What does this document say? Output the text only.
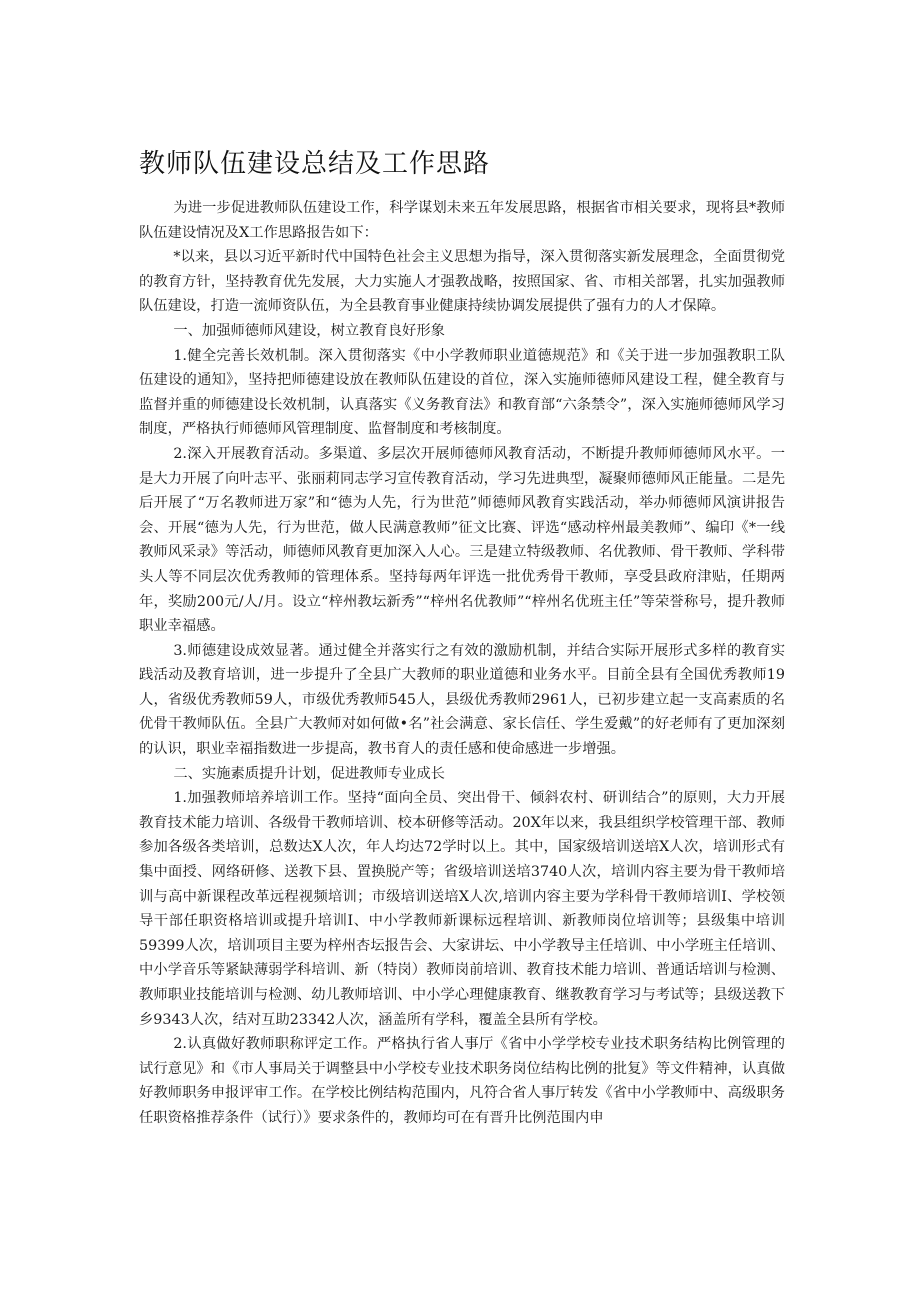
教师队伍建设总结及工作思路

为进一步促进教师队伍建设工作，科学谋划未来五年发展思路，根据省市相关要求，现将县*教师队伍建设情况及X工作思路报告如下：

*以来，县以习近平新时代中国特色社会主义思想为指导，深入贯彻落实新发展理念，全面贯彻党的教育方针，坚持教育优先发展，大力实施人才强教战略，按照国家、省、市相关部署，扎实加强教师队伍建设，打造一流师资队伍，为全县教育事业健康持续协调发展提供了强有力的人才保障。

一、加强师德师风建设，树立教育良好形象

1.健全完善长效机制。深入贯彻落实《中小学教师职业道德规范》和《关于进一步加强教职工队伍建设的通知》，坚持把师德建设放在教师队伍建设的首位，深入实施师德师风建设工程，健全教育与监督并重的师德建设长效机制，认真落实《义务教育法》和教育部“六条禁令”，深入实施师德师风学习制度，严格执行师德师风管理制度、监督制度和考核制度。

2.深入开展教育活动。多渠道、多层次开展师德师风教育活动，不断提升教师师德师风水平。一是大力开展了向叶志平、张丽莉同志学习宣传教育活动，学习先进典型，凝聚师德师风正能量。二是先后开展了“万名教师进万家”和“德为人先，行为世范”师德师风教育实践活动，举办师德师风演讲报告会、开展“德为人先，行为世范，做人民满意教师”征文比赛、评选“感动梓州最美教师”、编印《*一线教师风采录》等活动，师德师风教育更加深入人心。三是建立特级教师、名优教师、骨干教师、学科带头人等不同层次优秀教师的管理体系。坚持每两年评选一批优秀骨干教师，享受县政府津贴，任期两年，奖励200元/人/月。设立“梓州教坛新秀”“梓州名优教师”“梓州名优班主任”等荣誉称号，提升教师职业幸福感。

3.师德建设成效显著。通过健全并落实行之有效的激励机制，并结合实际开展形式多样的教育实践活动及教育培训，进一步提升了全县广大教师的职业道德和业务水平。目前全县有全国优秀教师19人，省级优秀教师59人，市级优秀教师545人，县级优秀教师2961人，已初步建立起一支高素质的名优骨干教师队伍。全县广大教师对如何做•名”社会满意、家长信任、学生爱戴”的好老师有了更加深刻的认识，职业幸福指数进一步提高，教书育人的责任感和使命感进一步增强。

二、实施素质提升计划，促进教师专业成长

1.加强教师培养培训工作。坚持“面向全员、突出骨干、倾斜农村、研训结合”的原则，大力开展教育技术能力培训、各级骨干教师培训、校本研修等活动。20X年以来，我县组织学校管理干部、教师参加各级各类培训，总数达X人次，年人均达72学时以上。其中，国家级培训送培X人次，培训形式有集中面授、网络研修、送教下县、置换脱产等；省级培训送培3740人次，培训内容主要为骨干教师培训与高中新课程改革远程视频培训；市级培训送培X人次,培训内容主要为学科骨干教师培训I、学校领导干部任职资格培训或提升培训I、中小学教师新课标远程培训、新教师岗位培训等；县级集中培训59399人次，培训项目主要为梓州杏坛报告会、大家讲坛、中小学教导主任培训、中小学班主任培训、中小学音乐等紧缺薄弱学科培训、新（特岗）教师岗前培训、教育技术能力培训、普通话培训与检测、教师职业技能培训与检测、幼儿教师培训、中小学心理健康教育、继教教育学习与考试等；县级送教下乡9343人次，结对互助23342人次，涵盖所有学科，覆盖全县所有学校。

2.认真做好教师职称评定工作。严格执行省人事厅《省中小学学校专业技术职务结构比例管理的试行意见》和《市人事局关于调整县中小学校专业技术职务岗位结构比例的批复》等文件精神，认真做好教师职务申报评审工作。在学校比例结构范围内，凡符合省人事厅转发《省中小学教师中、高级职务任职资格推荐条件（试行）》要求条件的，教师均可在有晋升比例范围内申
